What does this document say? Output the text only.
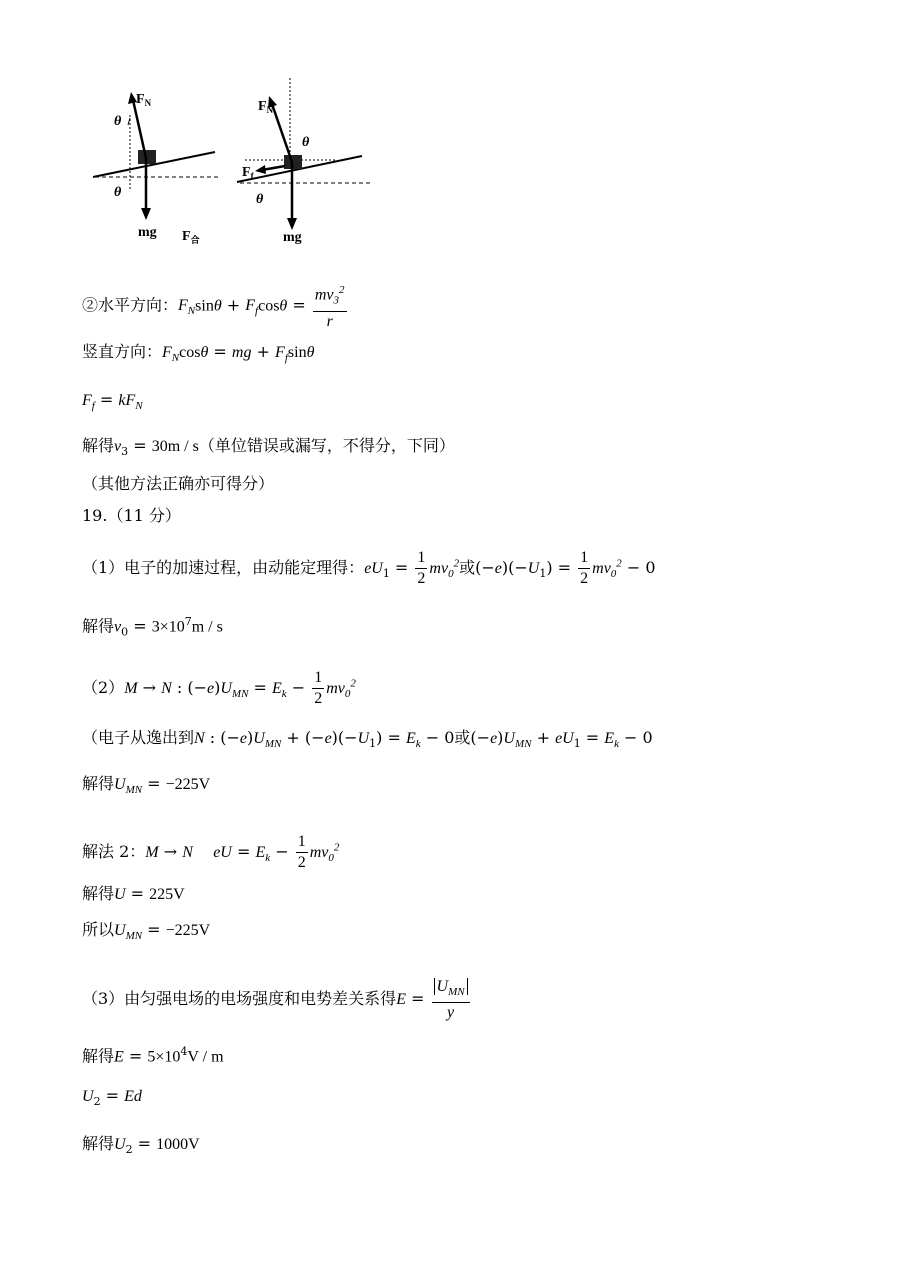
$F_N$
θ
θ
mg $F_合$
$F_N$
θ
$F_f$
θ
mg
②水平方向：$F_N\sin\theta + F_f\cos\theta = \frac{mv_3^2}{r}$
竖直方向：$F_N\cos\theta$ = mg + $F_f\sin\theta$
$F_f = kF_N$
解得$v_3 = 30m / s$（单位错误或漏写，不得分，下同）
（其他方法正确亦可得分）
19.（11 分）
（1）电子的加速过程，由动能定理得：$eU_1 = \frac{1}{2} mv_0^2$或$(-e)(-U_1) = \frac{1}{2} mv_0^2 - 0$
解得$v_0 = 3\times 10^7m / s$
（2）M → N : $(-e)U_{MN} = E_k - \frac{1}{2} mv_0^2$
（电子从逸出到N : $(-e)U_{MN} + (-e)(-U_1) = E_k - 0$或$(-e)U_{MN} + eU_1 = E_k - 0$
解得$U_{MN} = -225V$
解法 2：M → N eU = $E_k - \frac{1}{2} mv_0^2$
解得U = 225V
所以$U_{MN} = -225V$
（3）由匀强电场的电场强度和电势差关系得$E = \frac{U_{MN}}{y}$
解得$E = 5\times 10^4V / m$
$U_2 = Ed$
解得$U_2 = 1000V$
